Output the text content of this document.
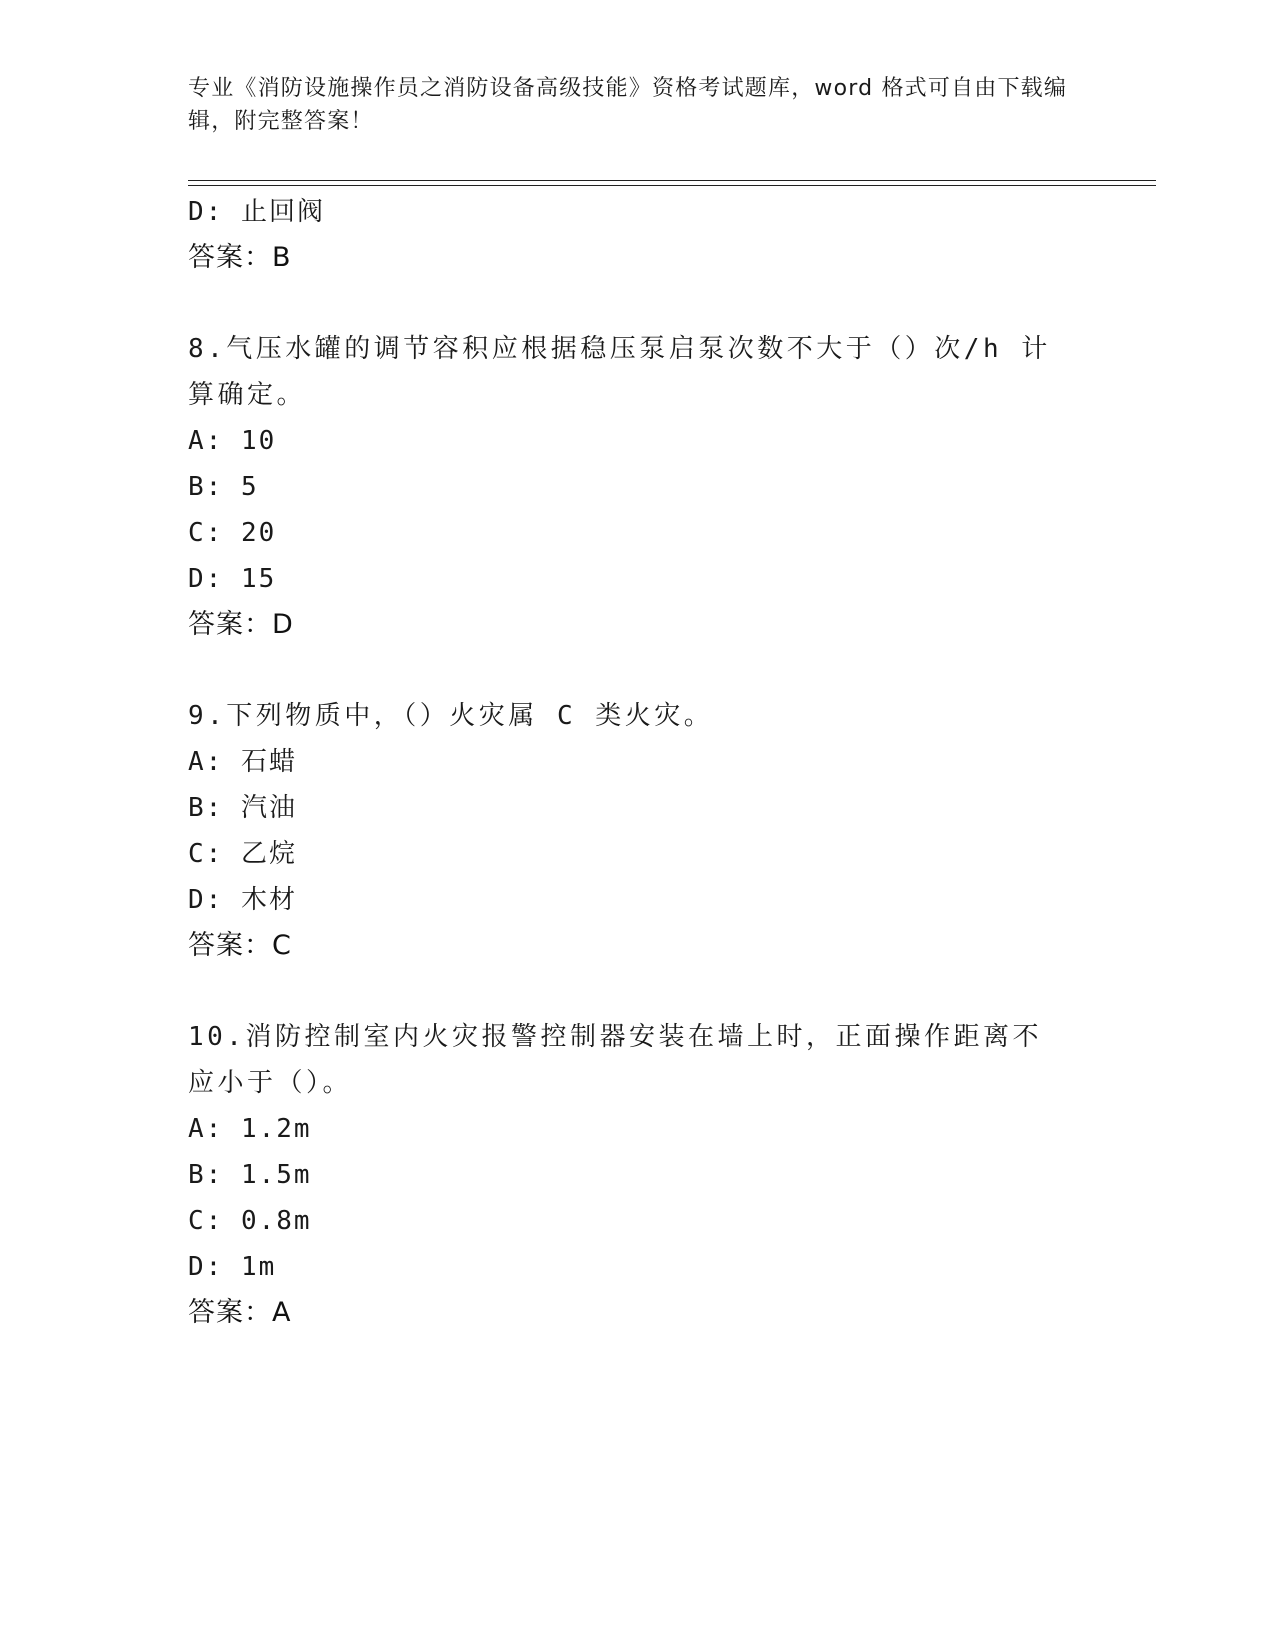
专业《消防设施操作员之消防设备高级技能》资格考试题库，word 格式可自由下载编辑，附完整答案！
D: 止回阀
答案：B
8.气压水罐的调节容积应根据稳压泵启泵次数不大于（）次/h 计算确定。
A: 10
B: 5
C: 20
D: 15
答案：D
9.下列物质中，（）火灾属 C 类火灾。
A: 石蜡
B: 汽油
C: 乙烷
D: 木材
答案：C
10.消防控制室内火灾报警控制器安装在墙上时，正面操作距离不应小于（）。
A: 1.2m
B: 1.5m
C: 0.8m
D: 1m
答案：A
